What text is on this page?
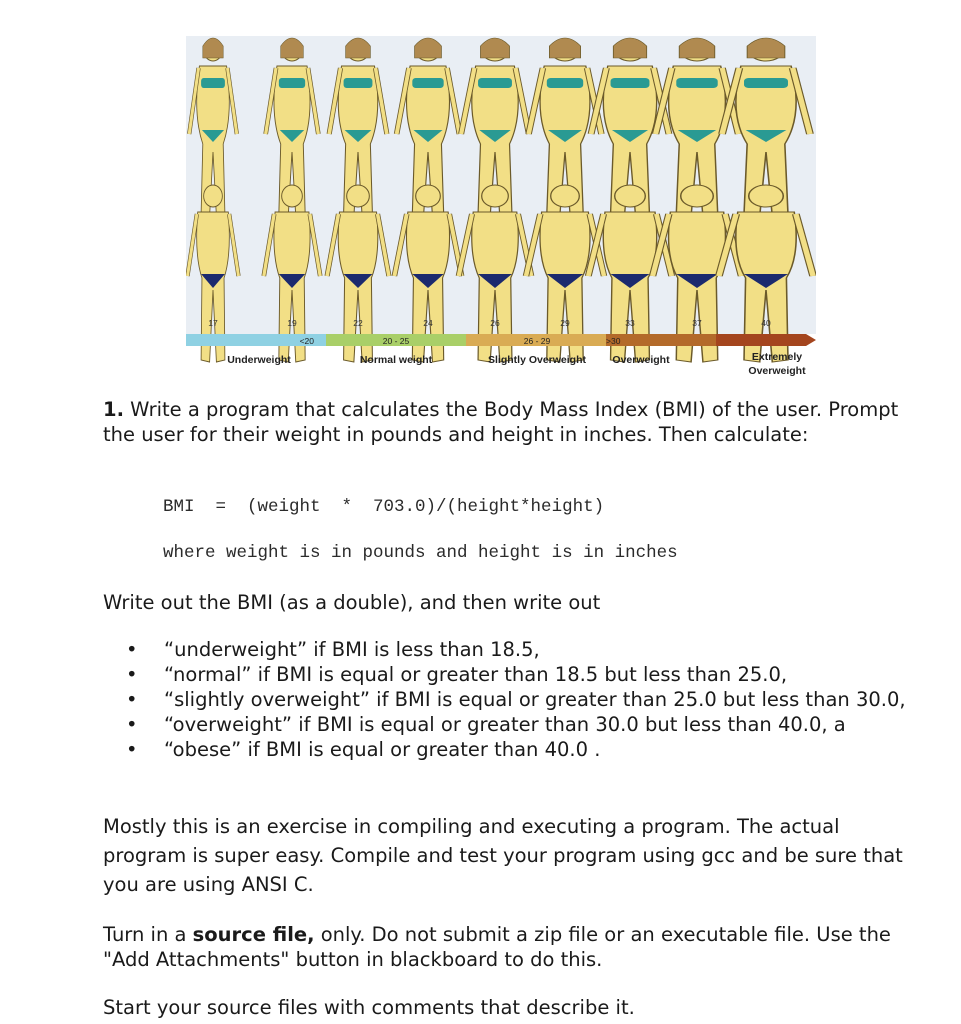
17	19	22	24	26	29	33	37	40
<20	20 - 25	26 - 29	>30
Underweight	Normal weight	Slightly Overweight	Overweight	Extremely
Overweight

1. Write a program that calculates the Body Mass Index (BMI) of the user. Prompt the user for their weight in pounds and height in inches. Then calculate:

BMI  =  (weight  *  703.0)/(height*height)
where weight is in pounds and height is in inches

Write out the BMI (as a double), and then write out

• “underweight” if BMI is less than 18.5,
• “normal” if BMI is equal or greater than 18.5 but less than 25.0,
• “slightly overweight” if BMI is equal or greater than 25.0 but less than 30.0,
• “overweight” if BMI is equal or greater than 30.0 but less than 40.0, a
• “obese” if BMI is equal or greater than 40.0 .

Mostly this is an exercise in compiling and executing a program. The actual program is super easy. Compile and test your program using gcc and be sure that you are using ANSI C.

Turn in a source file, only. Do not submit a zip file or an executable file. Use the "Add Attachments" button in blackboard to do this.

Start your source files with comments that describe it.
